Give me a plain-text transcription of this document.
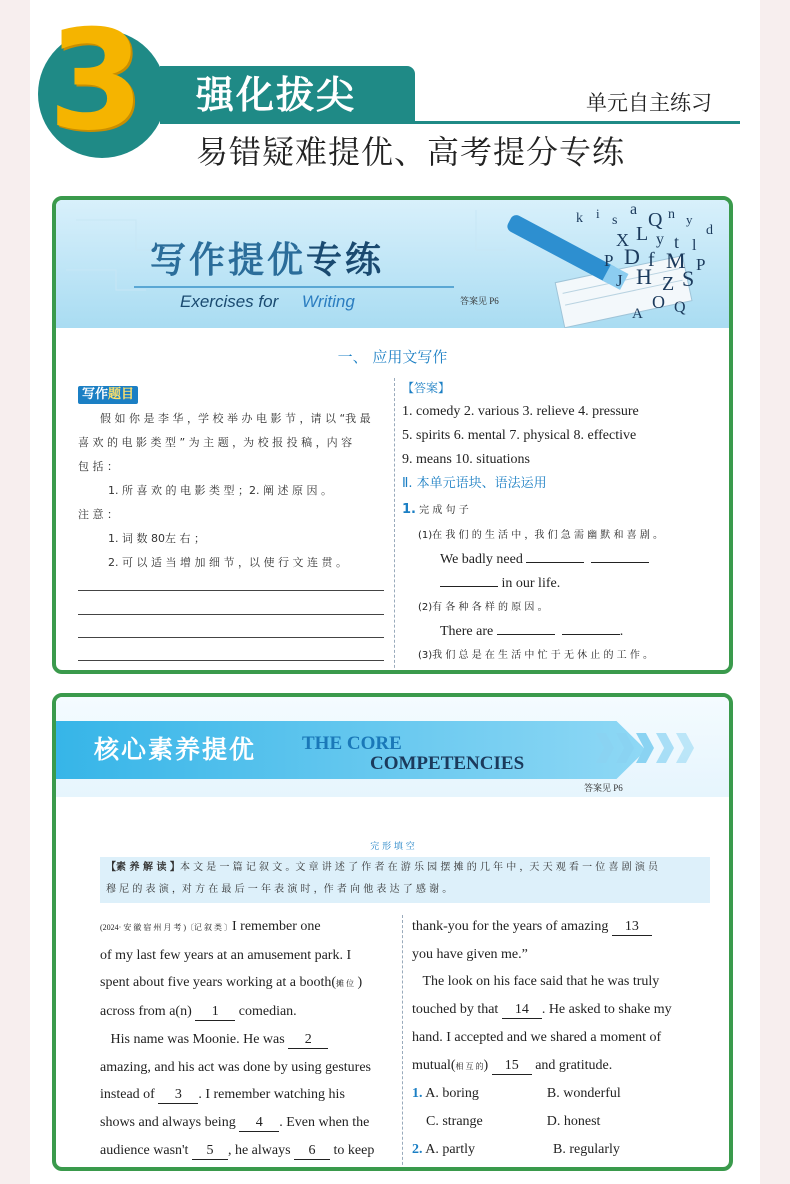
3 强化拔尖	单元自主练习
易错疑难提优、高考提分专练
k i s
a Q n y
d
X L y t l
P D f M P
J H Z S
O Q
A
写作提优专练
Exercises for Writing	答案见 P6
一、 应用文写作
写作题目
假 如 你 是 李 华 ，学 校 举 办 电 影 节 ，请 以 “我 最
喜 欢 的 电 影 类 型 ” 为 主 题 ，为 校 报 投 稿 ，内 容
包 括 ：
1. 所 喜 欢 的 电 影 类 型 ；2. 阐 述 原 因 。
注 意 ：
1. 词 数 80左 右 ；
2. 可 以 适 当 增 加 细 节 ，以 使 行 文 连 贯 。
【答案】
1. comedy 2. various 3. relieve 4. pressure
5. spirits 6. mental 7. physical 8. effective
9. means 10. situations
Ⅱ. 本单元语块、语法运用
1. 完 成 句 子
(1)在 我 们 的 生 活 中 ，我 们 急 需 幽 默 和 喜 剧 。
We badly need
in our life.
(2)有 各 种 各 样 的 原 因 。
There are	.
(3)我 们 总 是 在 生 活 中 忙 于 无 休 止 的 工 作 。
核心素养提优 THE CORE
COMPETENCIES
答案见 P6
完 形 填 空
【素 养 解 读 】本 文 是 一 篇 记 叙 文 。文 章 讲 述 了 作 者 在 游 乐 园 摆 摊 的 几 年 中 ，天 天 观 看 一 位 喜 剧 演 员
穆 尼 的 表 演 ，对 方 在 最 后 一 年 表 演 时 ，作 者 向 他 表 达 了 感 谢 。
(2024· 安 徽 宿 州 月 考 )〔记 叙 类 〕I remember one
of my last few years at an amusement park. I
spent about five years working at a booth(摊 位 )
across from a(n) 1 comedian.
His name was Moonie. He was 2
amazing, and his act was done by using gestures
instead of 3 . I remember watching his
shows and always being 4 . Even when the
audience wasn't 5 , he always 6 to keep
thank-you for the years of amazing 13
you have given me.”
The look on his face said that he was truly
touched by that 14 . He asked to shake my
hand. I accepted and we shared a moment of
mutual(相 互 的) 15 and gratitude.
1. A. boring	B. wonderful
C. strange	D. honest
2. A. partly	B. regularly
